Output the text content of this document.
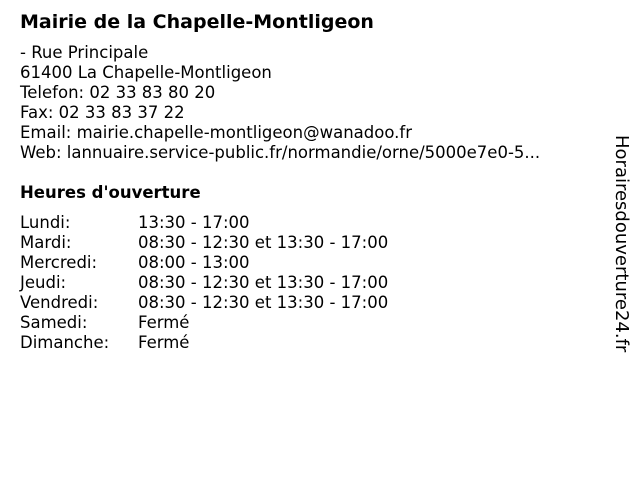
Mairie de la Chapelle-Montligeon
- Rue Principale
61400 La Chapelle-Montligeon
Telefon: 02 33 83 80 20
Fax: 02 33 83 37 22
Email: mairie.chapelle-montligeon@wanadoo.fr
Web: lannuaire.service-public.fr/normandie/orne/5000e7e0-5...
Heures d'ouverture
Lundi:	13:30 - 17:00
Mardi:	08:30 - 12:30 et 13:30 - 17:00
Mercredi: 08:00 - 13:00
Jeudi:	08:30 - 12:30 et 13:30 - 17:00
Vendredi: 08:30 - 12:30 et 13:30 - 17:00
Samedi:	Fermé
Dimanche: Fermé	Horairesdouverture24.fr
